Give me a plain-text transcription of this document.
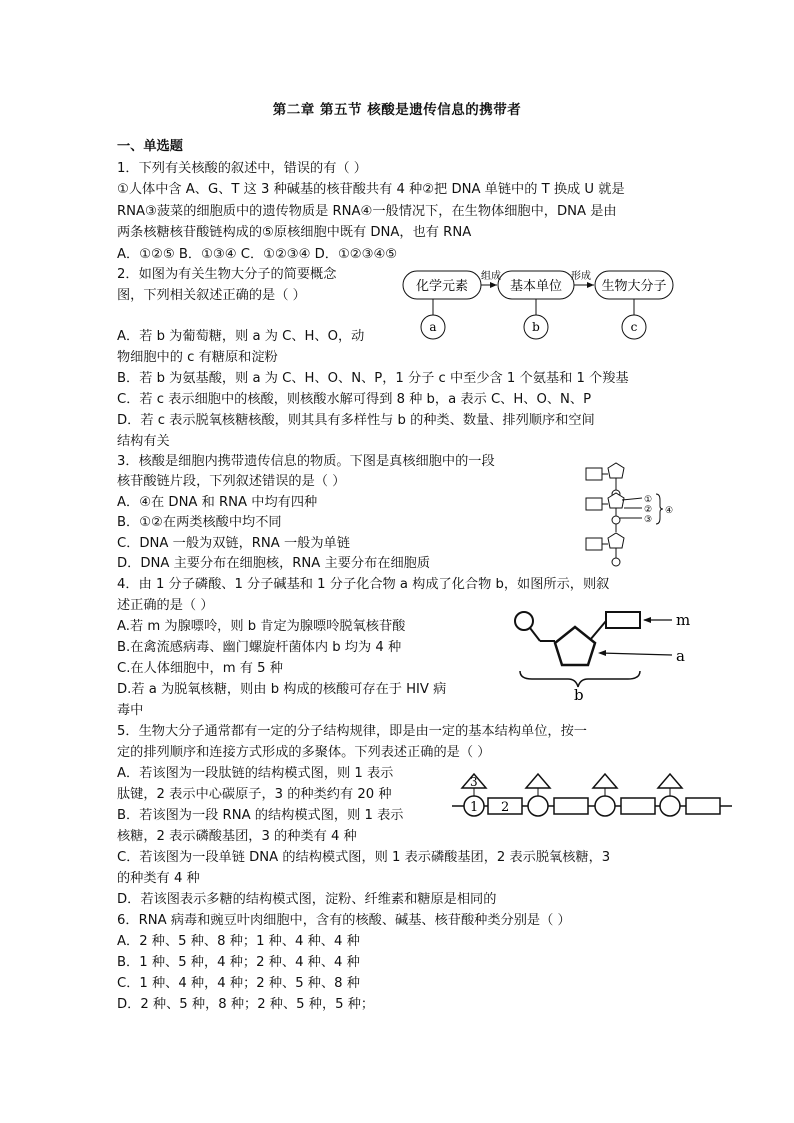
第二章 第五节 核酸是遗传信息的携带者
一、单选题
1．下列有关核酸的叙述中，错误的有（ ）
①人体中含 A、G、T 这 3 种碱基的核苷酸共有 4 种②把 DNA 单链中的 T 换成 U 就是
RNA③菠菜的细胞质中的遗传物质是 RNA④一般情况下，在生物体细胞中，DNA 是由
两条核糖核苷酸链构成的⑤原核细胞中既有 DNA，也有 RNA
A．①②⑤ B．①③④ C．①②③④ D．①②③④⑤
2．如图为有关生物大分子的简要概念
图，下列相关叙述正确的是（ ）
A．若 b 为葡萄糖，则 a 为 C、H、O，动
物细胞中的 c 有糖原和淀粉
B．若 b 为氨基酸，则 a 为 C、H、O、N、P，1 分子 c 中至少含 1 个氨基和 1 个羧基
C．若 c 表示细胞中的核酸，则核酸水解可得到 8 种 b，a 表示 C、H、O、N、P
D．若 c 表示脱氧核糖核酸，则其具有多样性与 b 的种类、数量、排列顺序和空间
结构有关
化学元素	基本单位	生物大分子
组成	形成
a	b	c
3．核酸是细胞内携带遗传信息的物质。下图是真核细胞中的一段
核苷酸链片段，下列叙述错误的是（ ）
A．④在 DNA 和 RNA 中均有四种
B．①②在两类核酸中均不同
C．DNA 一般为双链，RNA 一般为单链
D．DNA 主要分布在细胞核，RNA 主要分布在细胞质
①
②
③
④
4．由 1 分子磷酸、1 分子碱基和 1 分子化合物 a 构成了化合物 b，如图所示，则叙
述正确的是（ ）
A.若 m 为腺嘌呤，则 b 肯定为腺嘌呤脱氧核苷酸
B.在禽流感病毒、幽门螺旋杆菌体内 b 均为 4 种
C.在人体细胞中，m 有 5 种
D.若 a 为脱氧核糖，则由 b 构成的核酸可存在于 HIV 病
毒中
m
a
b
5．生物大分子通常都有一定的分子结构规律，即是由一定的基本结构单位，按一
定的排列顺序和连接方式形成的多聚体。下列表述正确的是（ ）
A．若该图为一段肽链的结构模式图，则 1 表示
肽键，2 表示中心碳原子，3 的种类约有 20 种
B．若该图为一段 RNA 的结构模式图，则 1 表示
核糖，2 表示磷酸基团，3 的种类有 4 种
C．若该图为一段单链 DNA 的结构模式图，则 1 表示磷酸基团，2 表示脱氧核糖，3
的种类有 4 种
D．若该图表示多糖的结构模式图，淀粉、纤维素和糖原是相同的
3
1 2
6．RNA 病毒和豌豆叶肉细胞中，含有的核酸、碱基、核苷酸种类分别是（ ）
A．2 种、5 种、8 种；1 种、4 种、4 种
B．1 种、5 种，4 种；2 种、4 种、4 种
C．1 种、4 种，4 种；2 种、5 种、8 种
D．2 种、5 种，8 种；2 种、5 种，5 种；
